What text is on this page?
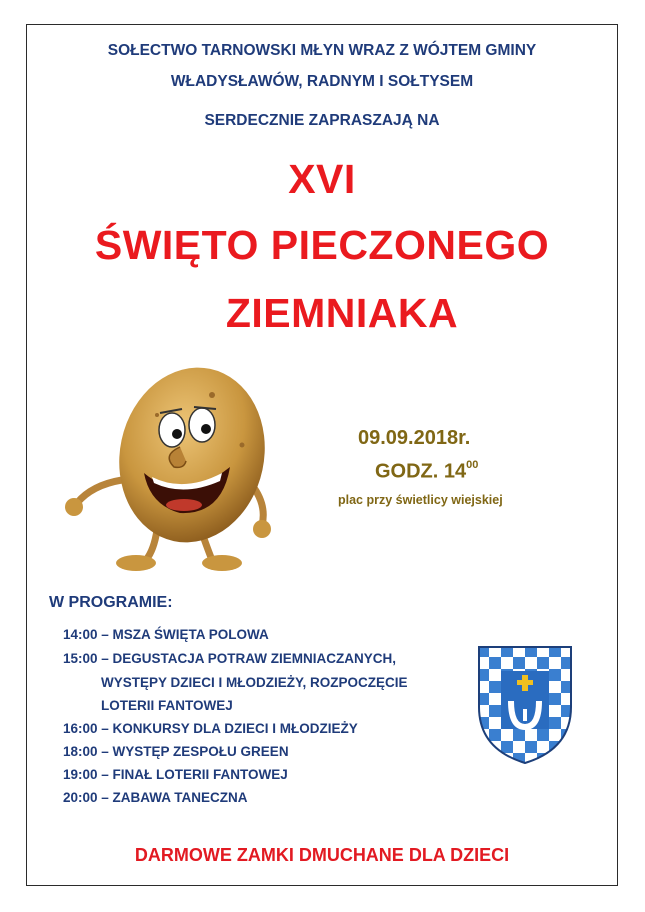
SOŁECTWO TARNOWSKI MŁYN WRAZ Z WÓJTEM GMINY
WŁADYSŁAWÓW, RADNYM I SOŁTYSEM
SERDECZNIE ZAPRASZAJĄ NA
XVI
ŚWIĘTO PIECZONEGO
ZIEMNIAKA
09.09.2018r.
GODZ. $14^{00}$
plac przy świetlicy wiejskiej
W PROGRAMIE:
14:00 – MSZA ŚWIĘTA POLOWA
15:00 – DEGUSTACJA POTRAW ZIEMNIACZANYCH,
WYSTĘPY DZIECI I MŁODZIEŻY, ROZPOCZĘCIE
LOTERII FANTOWEJ
16:00 – KONKURSY DLA DZIECI I MŁODZIEŻY
18:00 – WYSTĘP ZESPOŁU GREEN
19:00 – FINAŁ LOTERII FANTOWEJ
20:00 – ZABAWA TANECZNA
DARMOWE ZAMKI DMUCHANE DLA DZIECI
